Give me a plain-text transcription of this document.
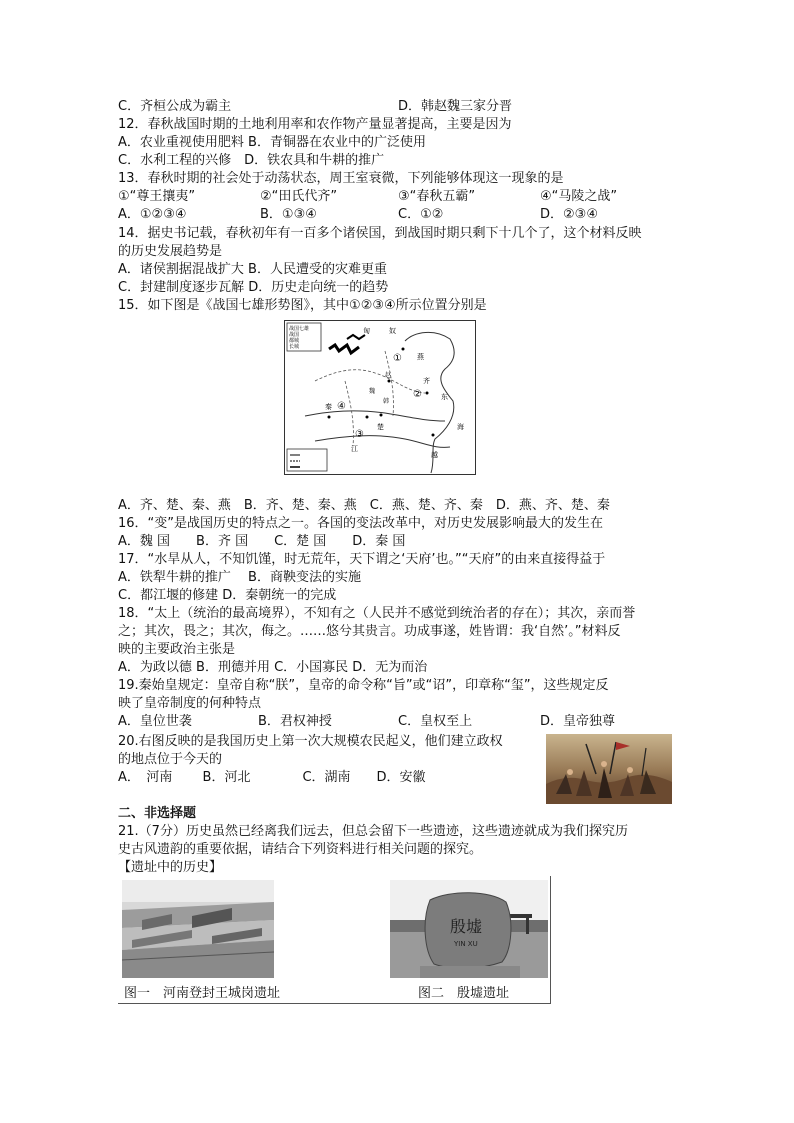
C．齐桓公成为霸主	D．韩赵魏三家分晋
12．春秋战国时期的土地利用率和农作物产量显著提高，主要是因为
A．农业重视使用肥料 B．青铜器在农业中的广泛使用
C．水利工程的兴修　D．铁农具和牛耕的推广
13．春秋时期的社会处于动荡状态，周王室衰微，下列能够体现这一现象的是
①“尊王攘夷”	②“田氏代齐”	③“春秋五霸”	④“马陵之战”
A．①②③④	B．①③④	C．①②	D．②③④
14．据史书记载，春秋初年有一百多个诸侯国，到战国时期只剩下十几个了，这个材料反映
的历史发展趋势是
A．诸侯割据混战扩大 B．人民遭受的灾难更重
C．封建制度逐步瓦解 D．历史走向统一的趋势
15．如下图是《战国七雄形势图》，其中①②③④所示位置分别是
战国七雄
战国
都城
长城
匈	奴
燕
东
齐
韩
魏
赵
秦
楚
越
海
江
①
②
③
④
A．齐、楚、秦、燕　B．齐、楚、秦、燕　C．燕、楚、齐、秦　D．燕、齐、楚、秦
16．“变”是战国历史的特点之一。各国的变法改革中，对历史发展影响最大的发生在
A．魏 国　　B．齐 国　　C．楚 国　　D．秦 国
17．“水旱从人，不知饥馑，时无荒年，天下谓之‘天府’也。”“天府”的由来直接得益于
A．铁犁牛耕的推广　 B．商鞅变法的实施
C．都江堰的修建 D．秦朝统一的完成
18．“太上（统治的最高境界），不知有之（人民并不感觉到统治者的存在）；其次，亲而誉
之；其次，畏之；其次，侮之。……悠兮其贵言。功成事遂，姓皆谓：我‘自然’。”材料反
映的主要政治主张是
A．为政以德 B．刑德并用 C．小国寡民 D．无为而治
19.秦始皇规定：皇帝自称“朕”，皇帝的命令称“旨”或“诏”，印章称“玺”，这些规定反
映了皇帝制度的何种特点
A．皇位世袭	B．君权神授	C．皇权至上	D．皇帝独尊
20.右图反映的是我国历史上第一次大规模农民起义，他们建立政权
的地点位于今天的
A．　河南　　 B．河北　　　　C．湖南　　D．安徽
二、非选择题
21.（7分）历史虽然已经离我们远去，但总会留下一些遗迹，这些遗迹就成为我们探究历
史古风遗韵的重要依据，请结合下列资料进行相关问题的探究。
【遗址中的历史】
殷墟
YIN XU
图一　河南登封王城岗遗址	图二　殷墟遗址
